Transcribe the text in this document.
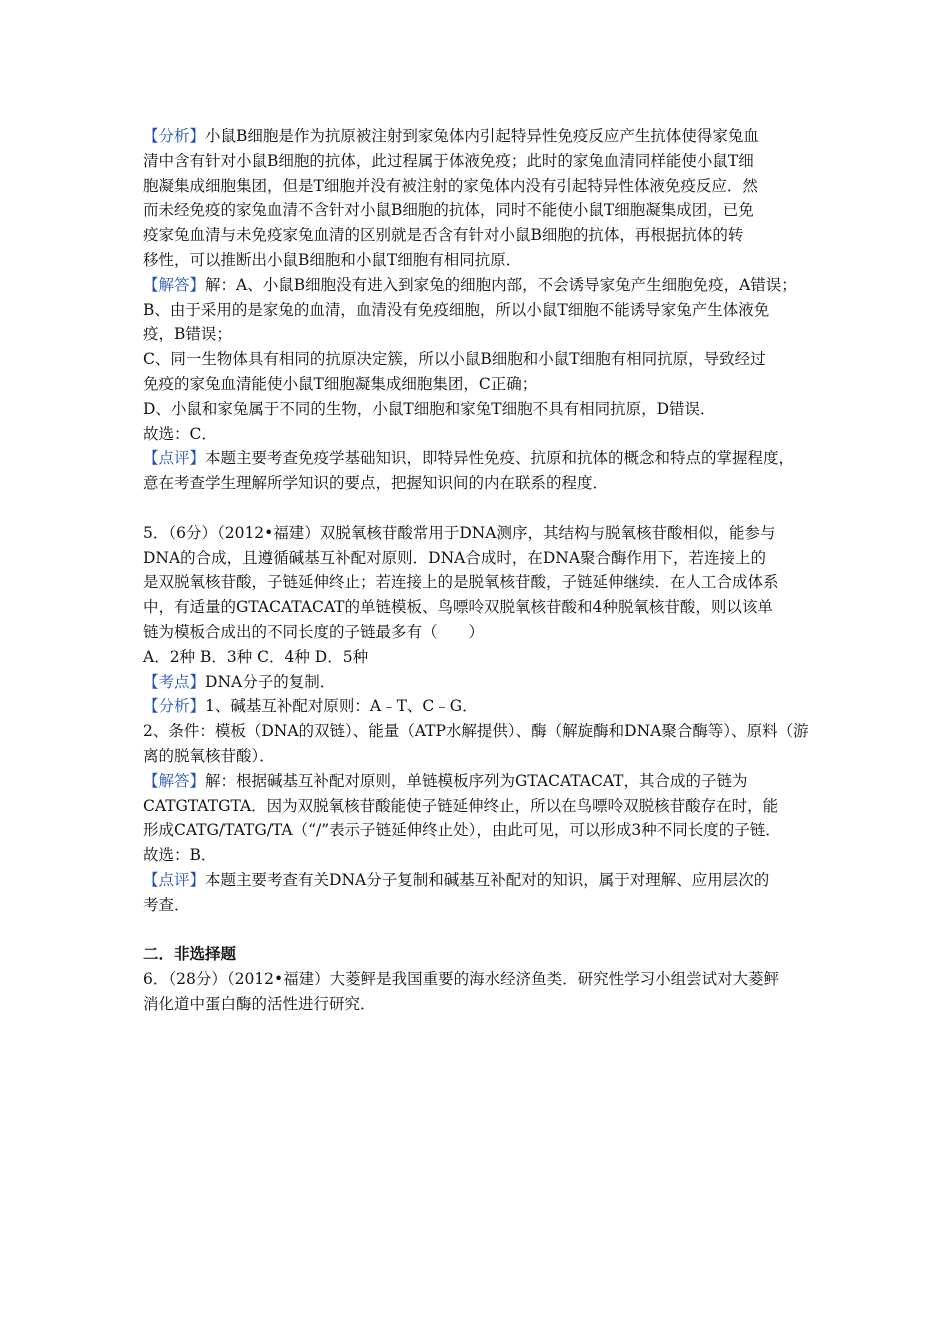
【分析】小鼠B细胞是作为抗原被注射到家兔体内引起特异性免疫反应产生抗体使得家兔血
清中含有针对小鼠B细胞的抗体，此过程属于体液免疫；此时的家兔血清同样能使小鼠T细
胞凝集成细胞集团，但是T细胞并没有被注射的家兔体内没有引起特异性体液免疫反应．然
而未经免疫的家兔血清不含针对小鼠B细胞的抗体，同时不能使小鼠T细胞凝集成团，已免
疫家兔血清与未免疫家兔血清的区别就是否含有针对小鼠B细胞的抗体，再根据抗体的转
移性，可以推断出小鼠B细胞和小鼠T细胞有相同抗原．
【解答】解：A、小鼠B细胞没有进入到家兔的细胞内部，不会诱导家兔产生细胞免疫，A错误；
B、由于采用的是家兔的血清，血清没有免疫细胞，所以小鼠T细胞不能诱导家兔产生体液免
疫，B错误；
C、同一生物体具有相同的抗原决定簇，所以小鼠B细胞和小鼠T细胞有相同抗原，导致经过
免疫的家兔血清能使小鼠T细胞凝集成细胞集团，C正确；
D、小鼠和家兔属于不同的生物，小鼠T细胞和家兔T细胞不具有相同抗原，D错误．
故选：C．
【点评】本题主要考查免疫学基础知识，即特异性免疫、抗原和抗体的概念和特点的掌握程度，
意在考查学生理解所学知识的要点，把握知识间的内在联系的程度．
5．（6分）（2012•福建）双脱氧核苷酸常用于DNA测序，其结构与脱氧核苷酸相似，能参与
DNA的合成，且遵循碱基互补配对原则．DNA合成时，在DNA聚合酶作用下，若连接上的
是双脱氧核苷酸，子链延伸终止；若连接上的是脱氧核苷酸，子链延伸继续．在人工合成体系
中，有适量的GTACATACAT的单链模板、鸟嘌呤双脱氧核苷酸和4种脱氧核苷酸，则以该单
链为模板合成出的不同长度的子链最多有（　　）
A．2种 B．3种 C．4种 D．5种
【考点】DNA分子的复制．
【分析】1、碱基互补配对原则：A﹣T、C﹣G．
2、条件：模板（DNA的双链）、能量（ATP水解提供）、酶（解旋酶和DNA聚合酶等）、原料（游
离的脱氧核苷酸）．
【解答】解：根据碱基互补配对原则，单链模板序列为GTACATACAT，其合成的子链为
CATGTATGTA．因为双脱氧核苷酸能使子链延伸终止，所以在鸟嘌呤双脱核苷酸存在时，能
形成CATG/TATG/TA（“/”表示子链延伸终止处），由此可见，可以形成3种不同长度的子链．
故选：B．
【点评】本题主要考查有关DNA分子复制和碱基互补配对的知识，属于对理解、应用层次的
考查．
二．非选择题
6．（28分）（2012•福建）大菱鲆是我国重要的海水经济鱼类．研究性学习小组尝试对大菱鲆
消化道中蛋白酶的活性进行研究．
